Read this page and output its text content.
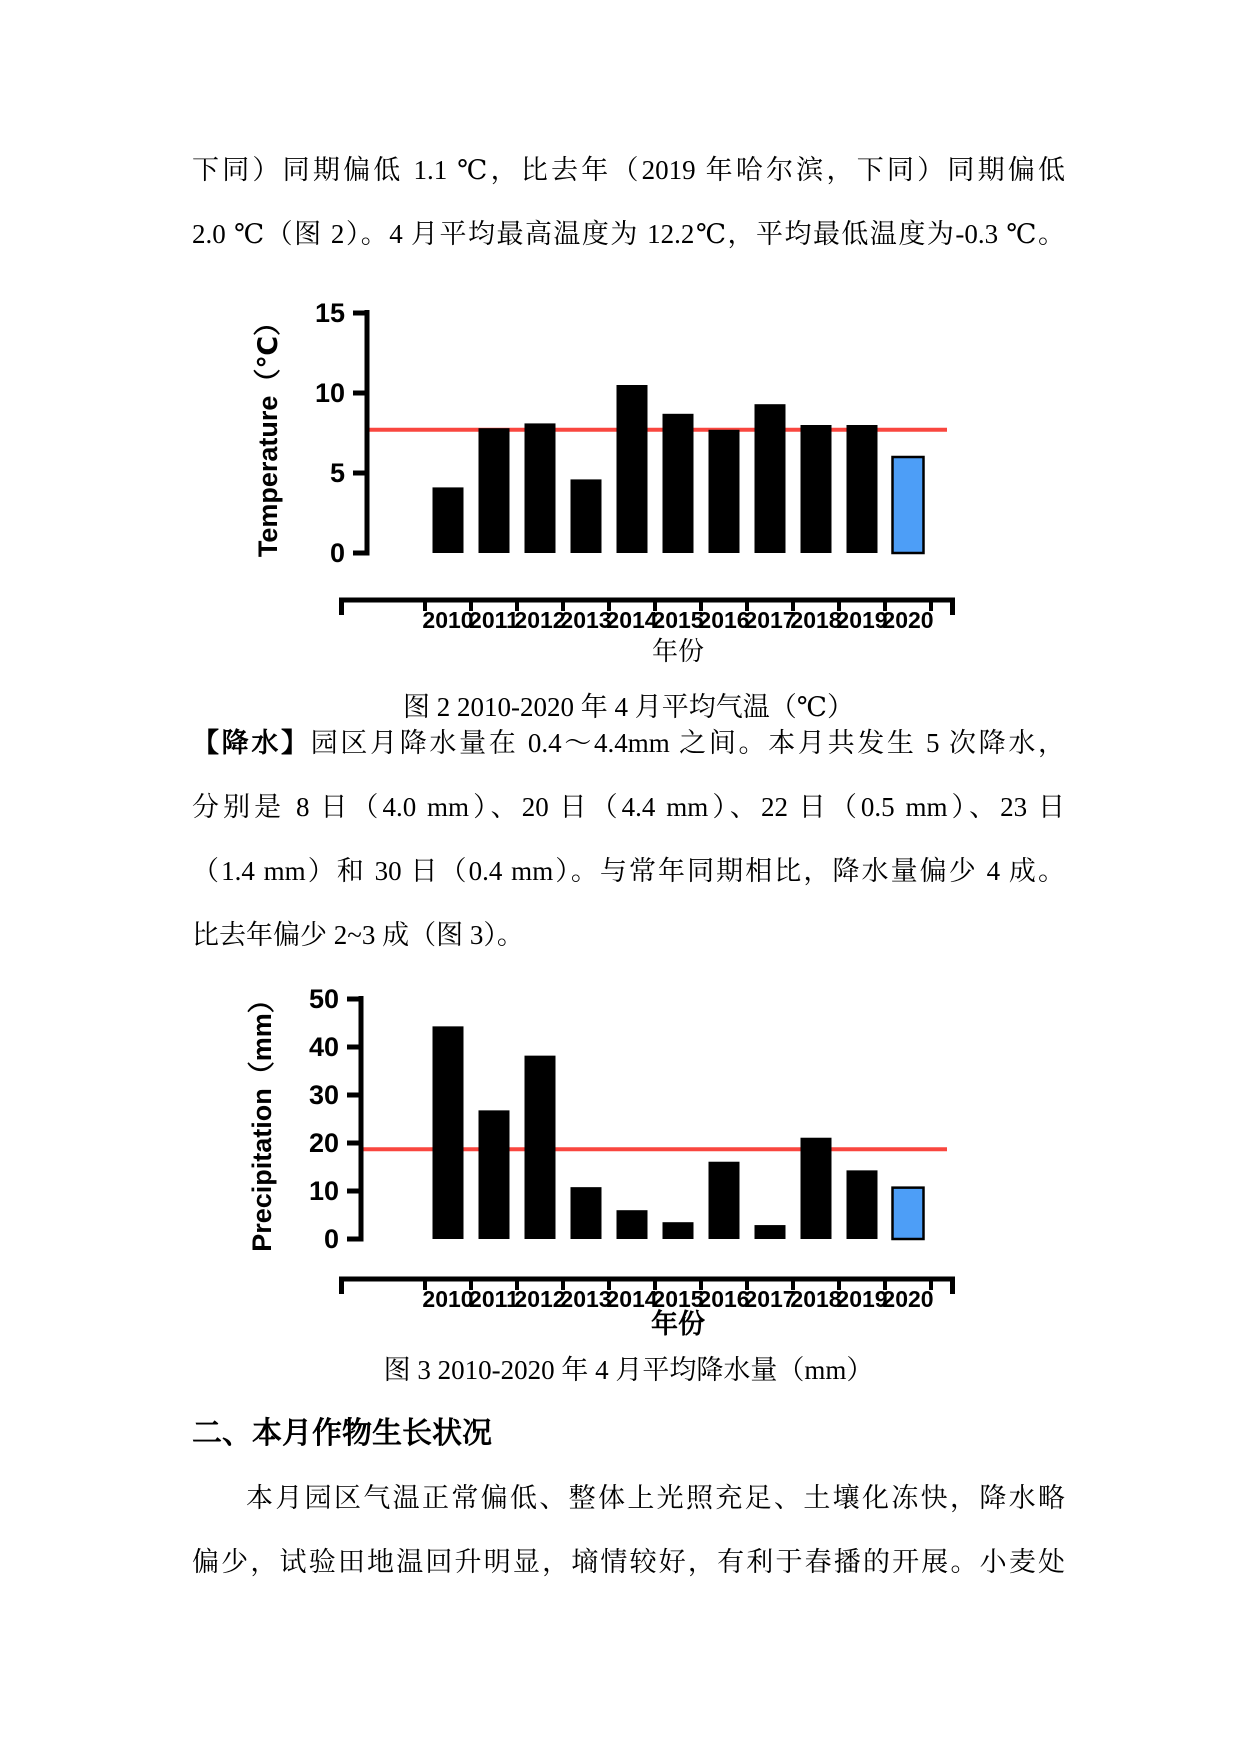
下同）同期偏低 1.1 ℃，比去年（2019 年哈尔滨，下同）同期偏低
2.0 ℃（图 2）。4 月平均最高温度为 12.2℃，平均最低温度为-0.3 ℃。
0
5
10
15
Temperature（℃）
2010
2011
2012
2013
2014
2015
2016
2017
2018
2019
2020
年份
图 2 2010-2020 年 4 月平均气温（℃）
【降水】园区月降水量在 0.4～4.4mm 之间。本月共发生 5 次降水，
分别是 8 日（4.0 mm）、20 日（4.4 mm）、22 日（0.5 mm）、23 日
（1.4 mm）和 30 日（0.4 mm）。与常年同期相比，降水量偏少 4 成。
比去年偏少 2~3 成（图 3）。
0
10
20
30
40
50
Precipitation（mm）
2010
2011
2012
2013
2014
2015
2016
2017
2018
2019
2020
年份
图 3 2010-2020 年 4 月平均降水量（mm）
二、本月作物生长状况
本月园区气温正常偏低、整体上光照充足、土壤化冻快，降水略
偏少，试验田地温回升明显，墒情较好，有利于春播的开展。小麦处
